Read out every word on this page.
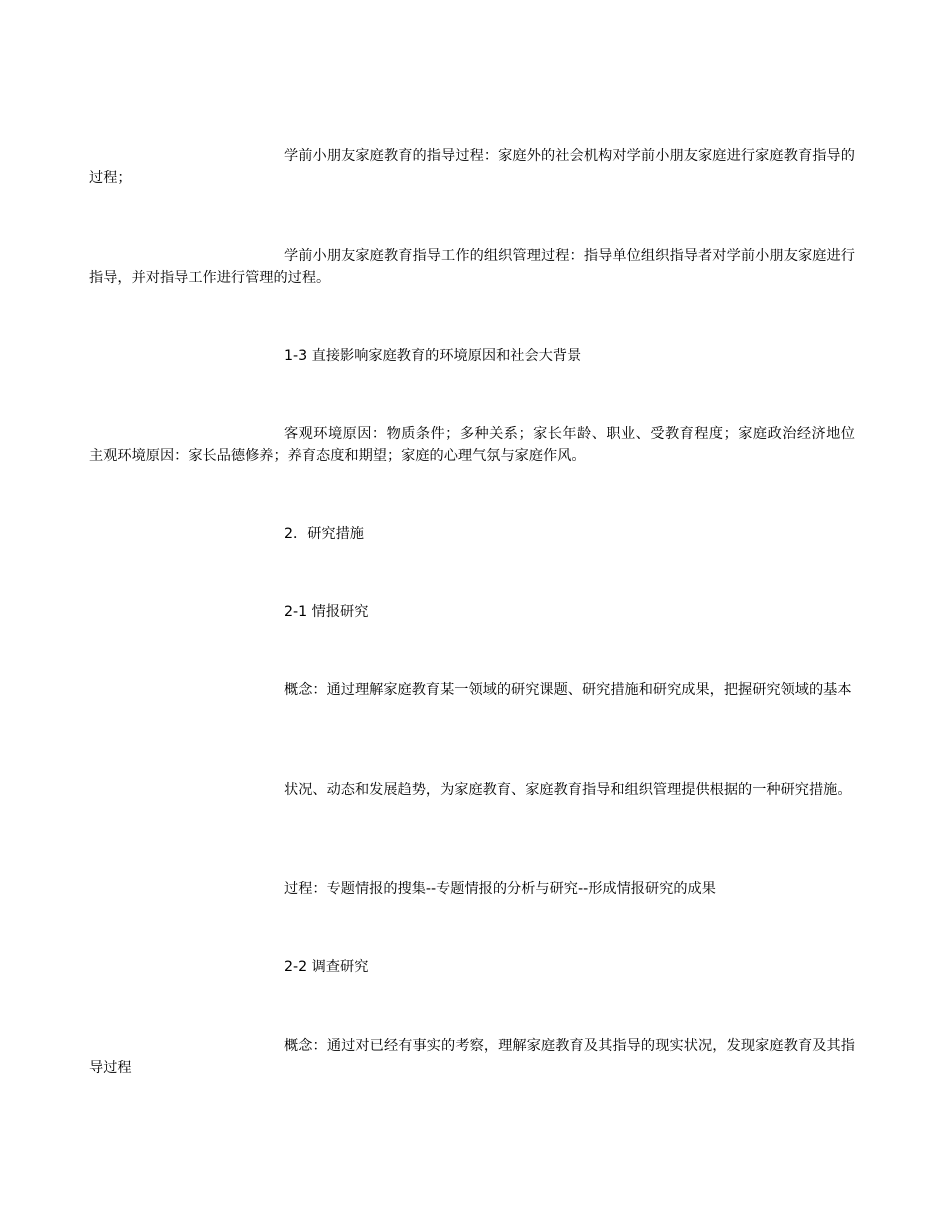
学前小朋友家庭教育的指导过程：家庭外的社会机构对学前小朋友家庭进行家庭教育指导的过程；

学前小朋友家庭教育指导工作的组织管理过程：指导单位组织指导者对学前小朋友家庭进行指导，并对指导工作进行管理的过程。

1-3 直接影响家庭教育的环境原因和社会大背景

客观环境原因：物质条件；多种关系；家长年龄、职业、受教育程度；家庭政治经济地位　主观环境原因：家长品德修养；养育态度和期望；家庭的心理气氛与家庭作风。

2．研究措施

2-1 情报研究

概念：通过理解家庭教育某一领域的研究课题、研究措施和研究成果，把握研究领域的基本

状况、动态和发展趋势，为家庭教育、家庭教育指导和组织管理提供根据的一种研究措施。

过程：专题情报的搜集--专题情报的分析与研究--形成情报研究的成果

2-2 调查研究

概念：通过对已经有事实的考察，理解家庭教育及其指导的现实状况，发现家庭教育及其指导过程
